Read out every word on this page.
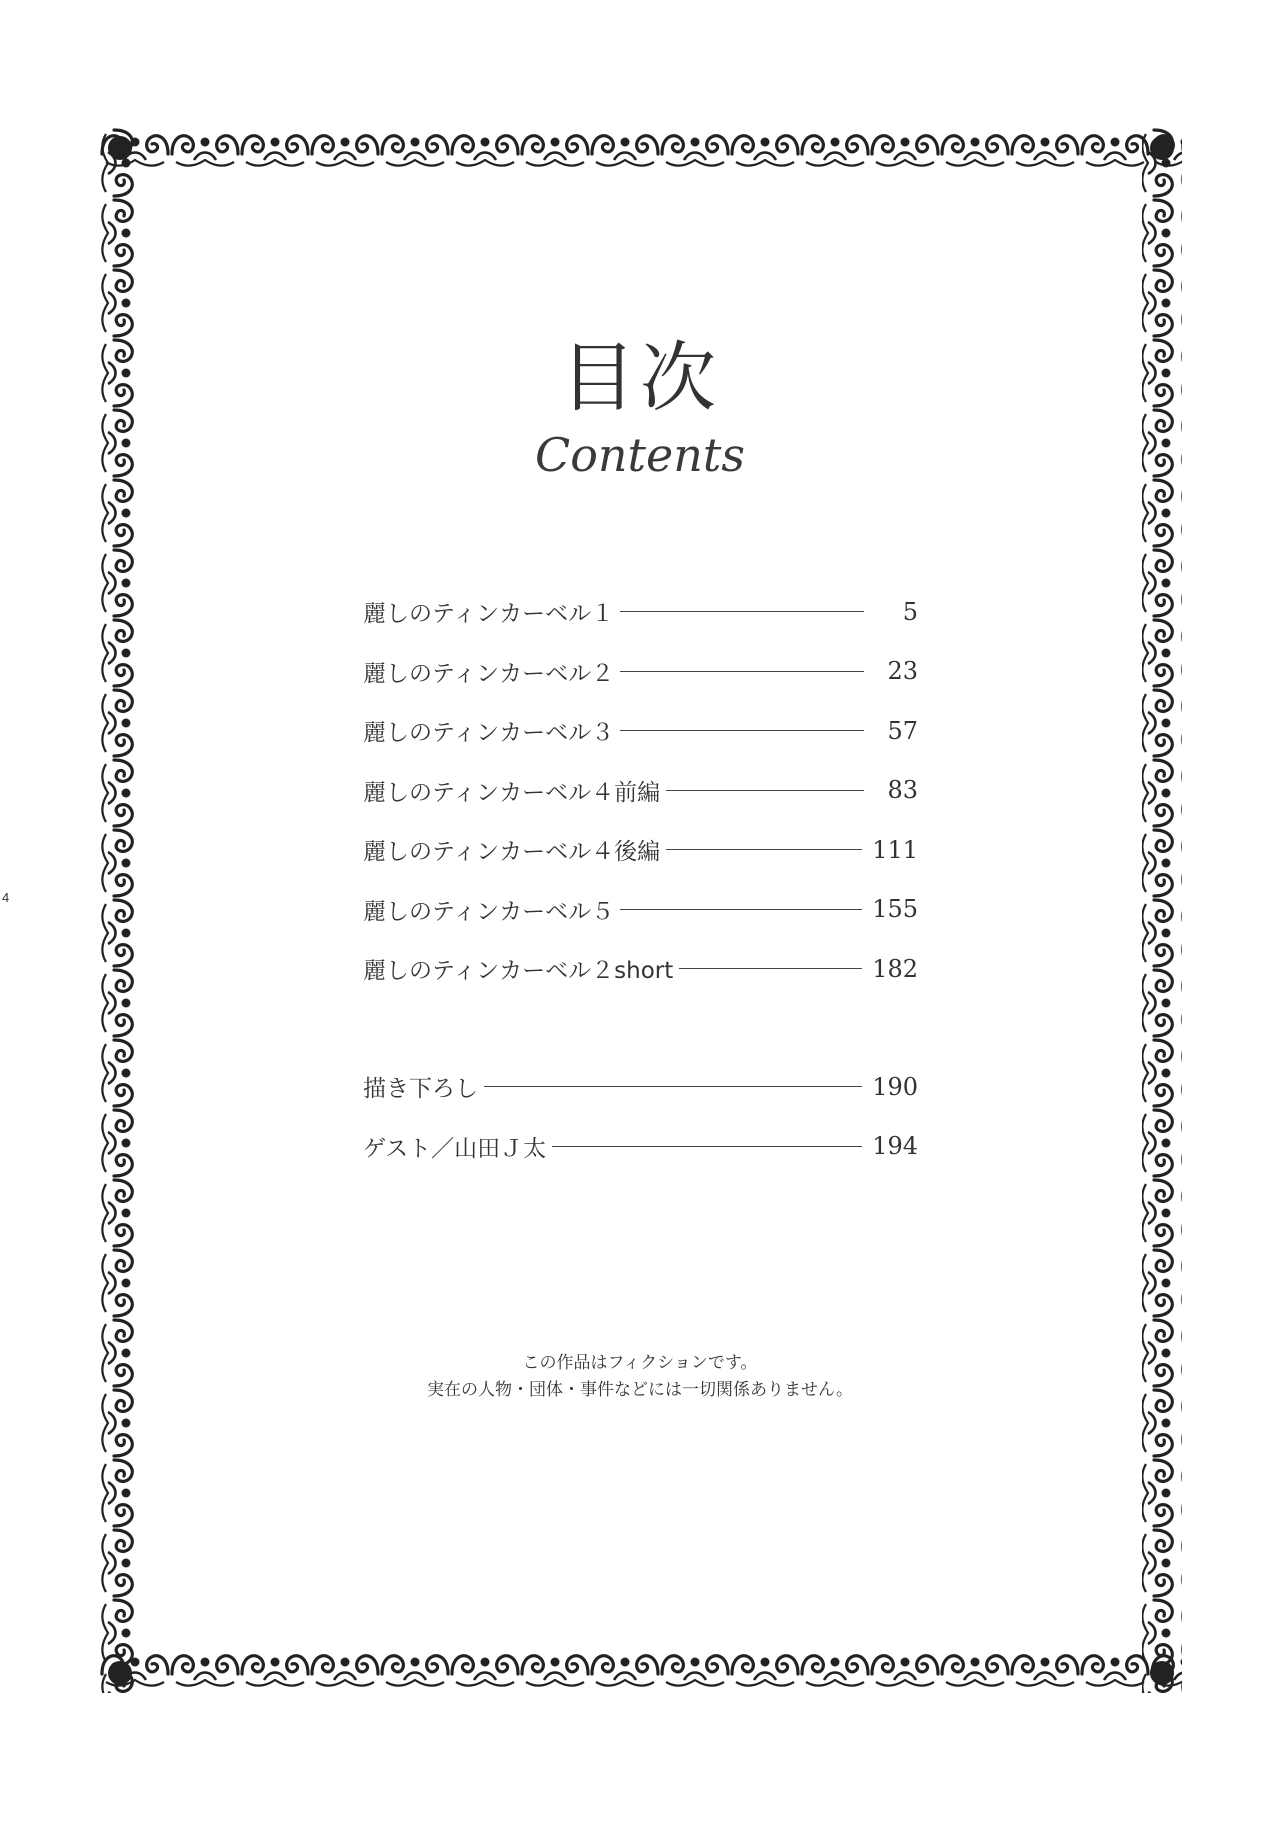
4
目次
Contents
麗しのティンカーベル１	5
麗しのティンカーベル２	23
麗しのティンカーベル３	57
麗しのティンカーベル４前編	83
麗しのティンカーベル４後編	111
麗しのティンカーベル５	155
麗しのティンカーベル２short	182
描き下ろし	190
ゲスト／山田Ｊ太	194
この作品はフィクションです。
実在の人物・団体・事件などには一切関係ありません。
